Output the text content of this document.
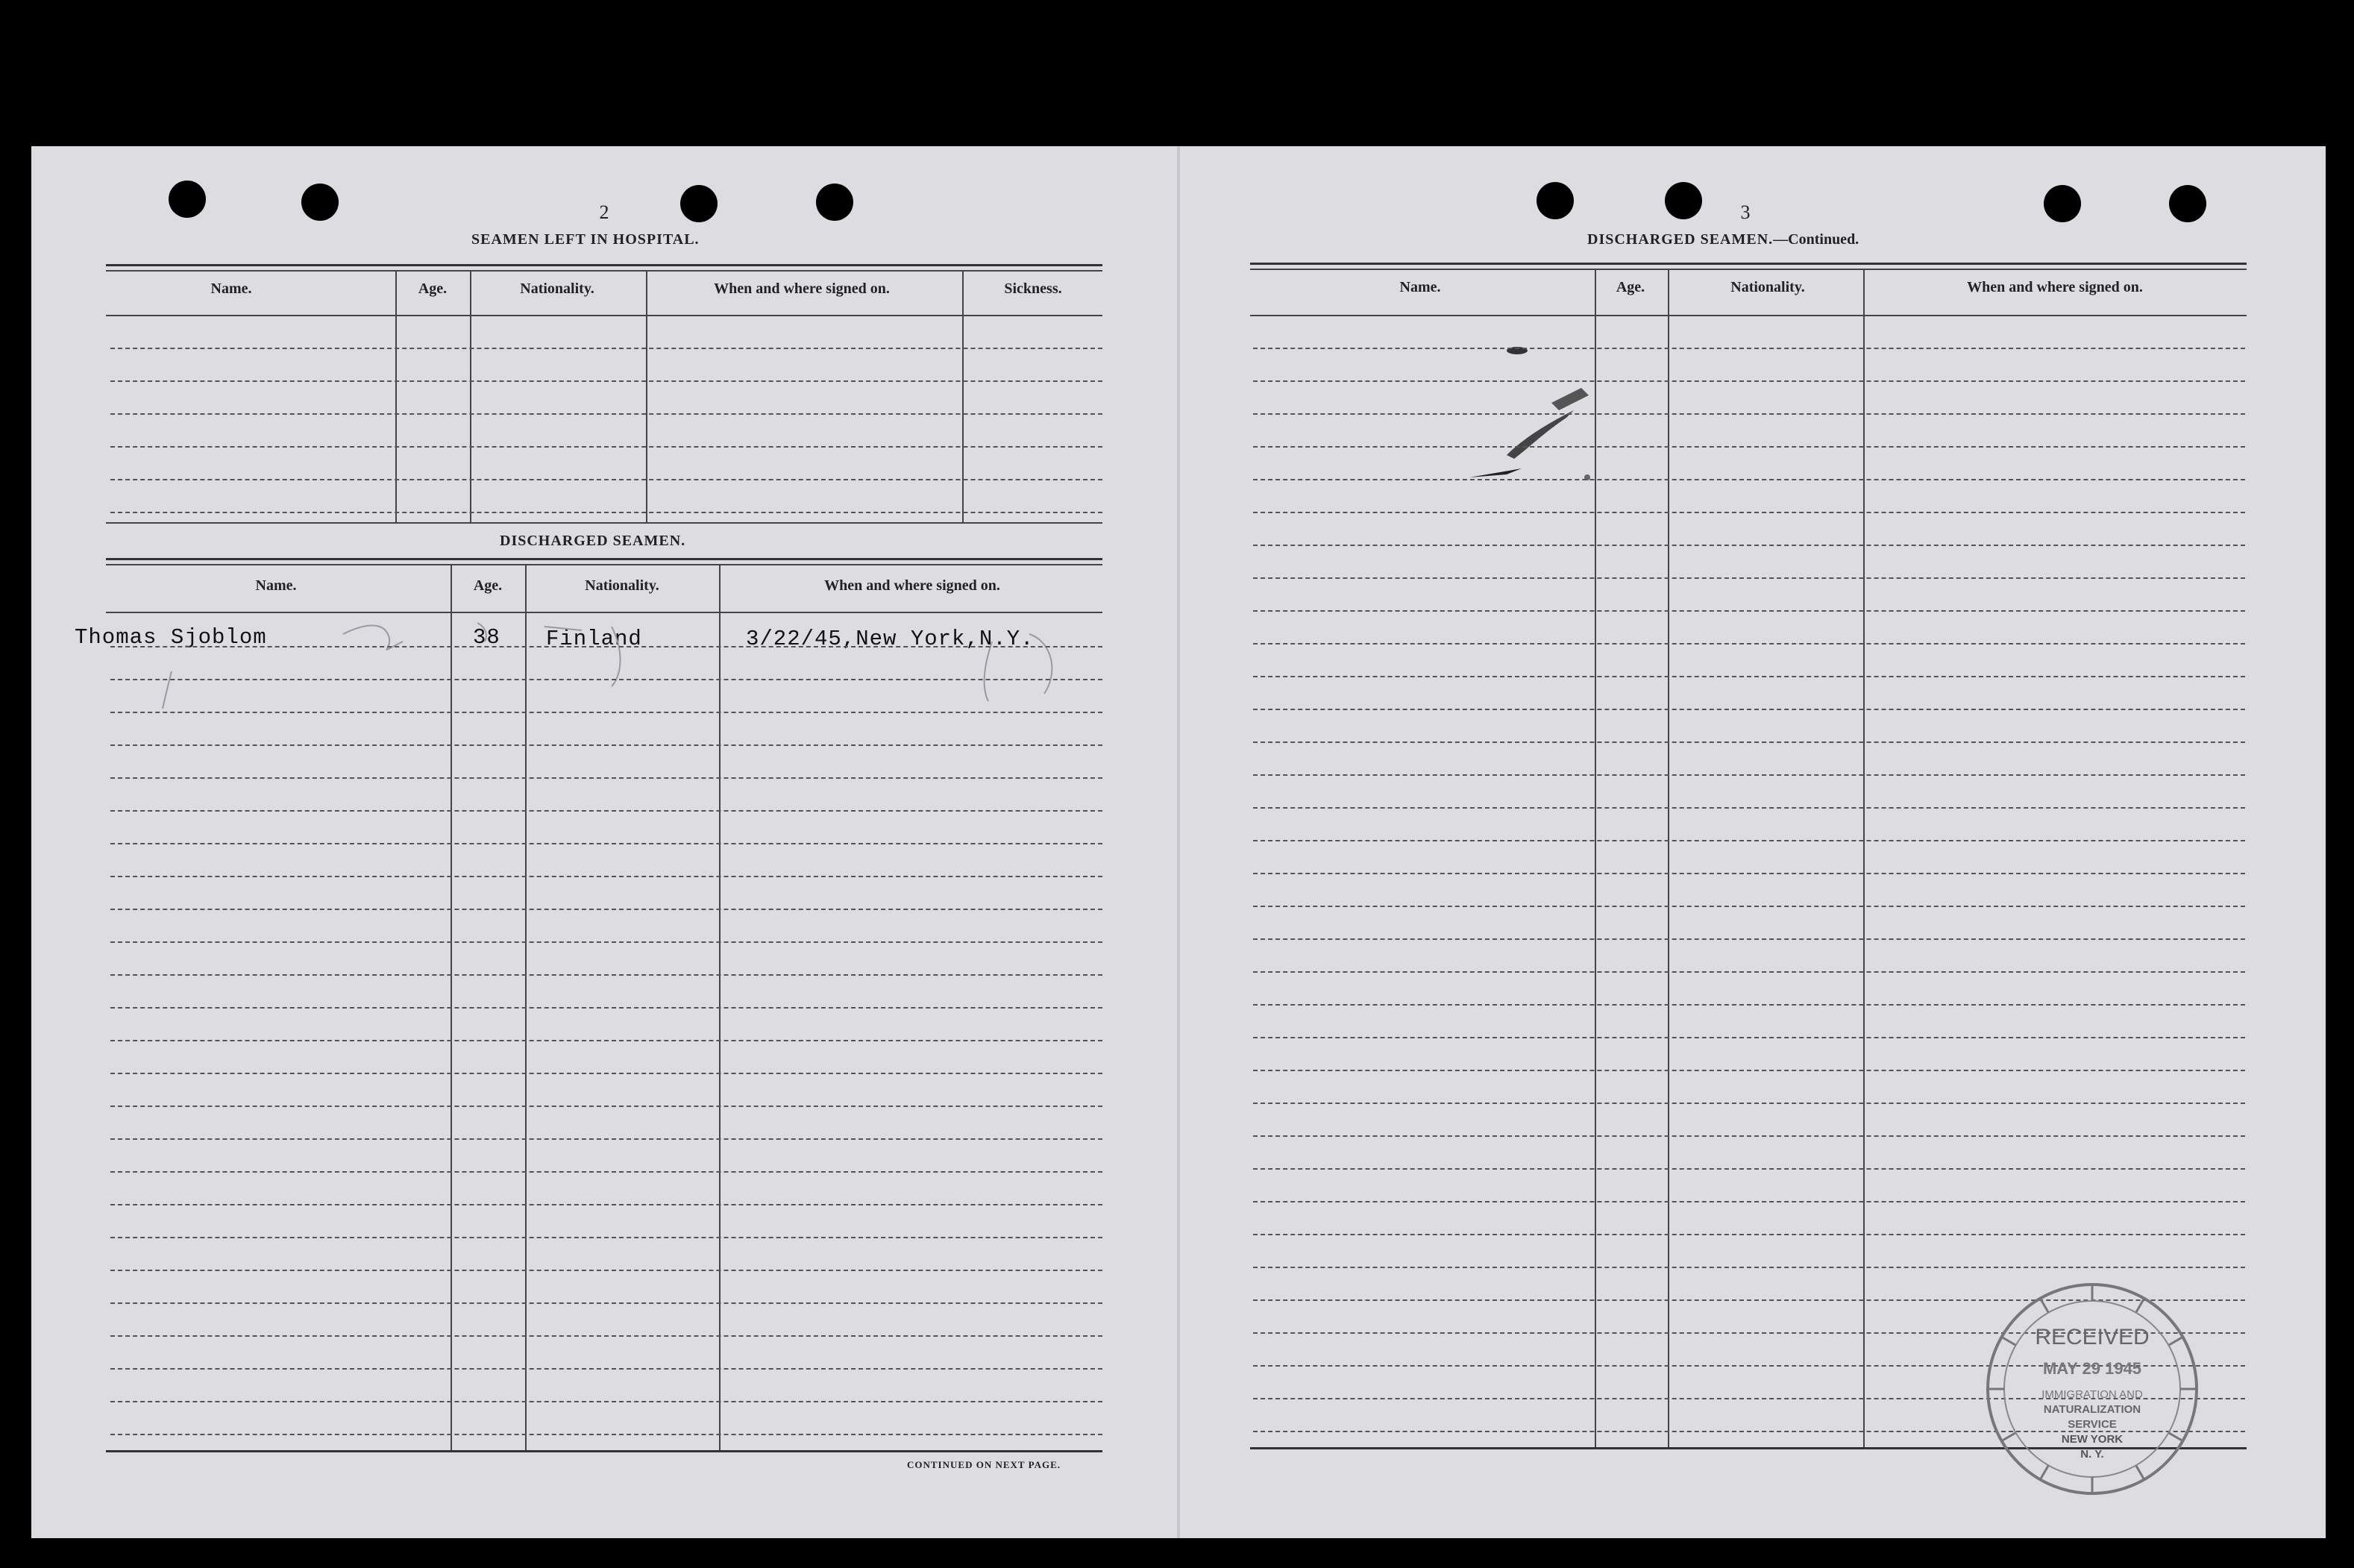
2
SEAMEN LEFT IN HOSPITAL.
Name.	Age.	Nationality.	When and where signed on.	Sickness.
DISCHARGED SEAMEN.
Name.	Age.	Nationality.	When and where signed on.
Thomas Sjoblom	38 Finland	3/22/45,New York,N.Y.
CONTINUED ON NEXT PAGE.
3
DISCHARGED SEAMEN.—Continued.
Name.	Age.	Nationality.	When and where signed on.
RECEIVED
MAY 29 1945
IMMIGRATION AND
NATURALIZATION
SERVICE
NEW YORK
N. Y.
